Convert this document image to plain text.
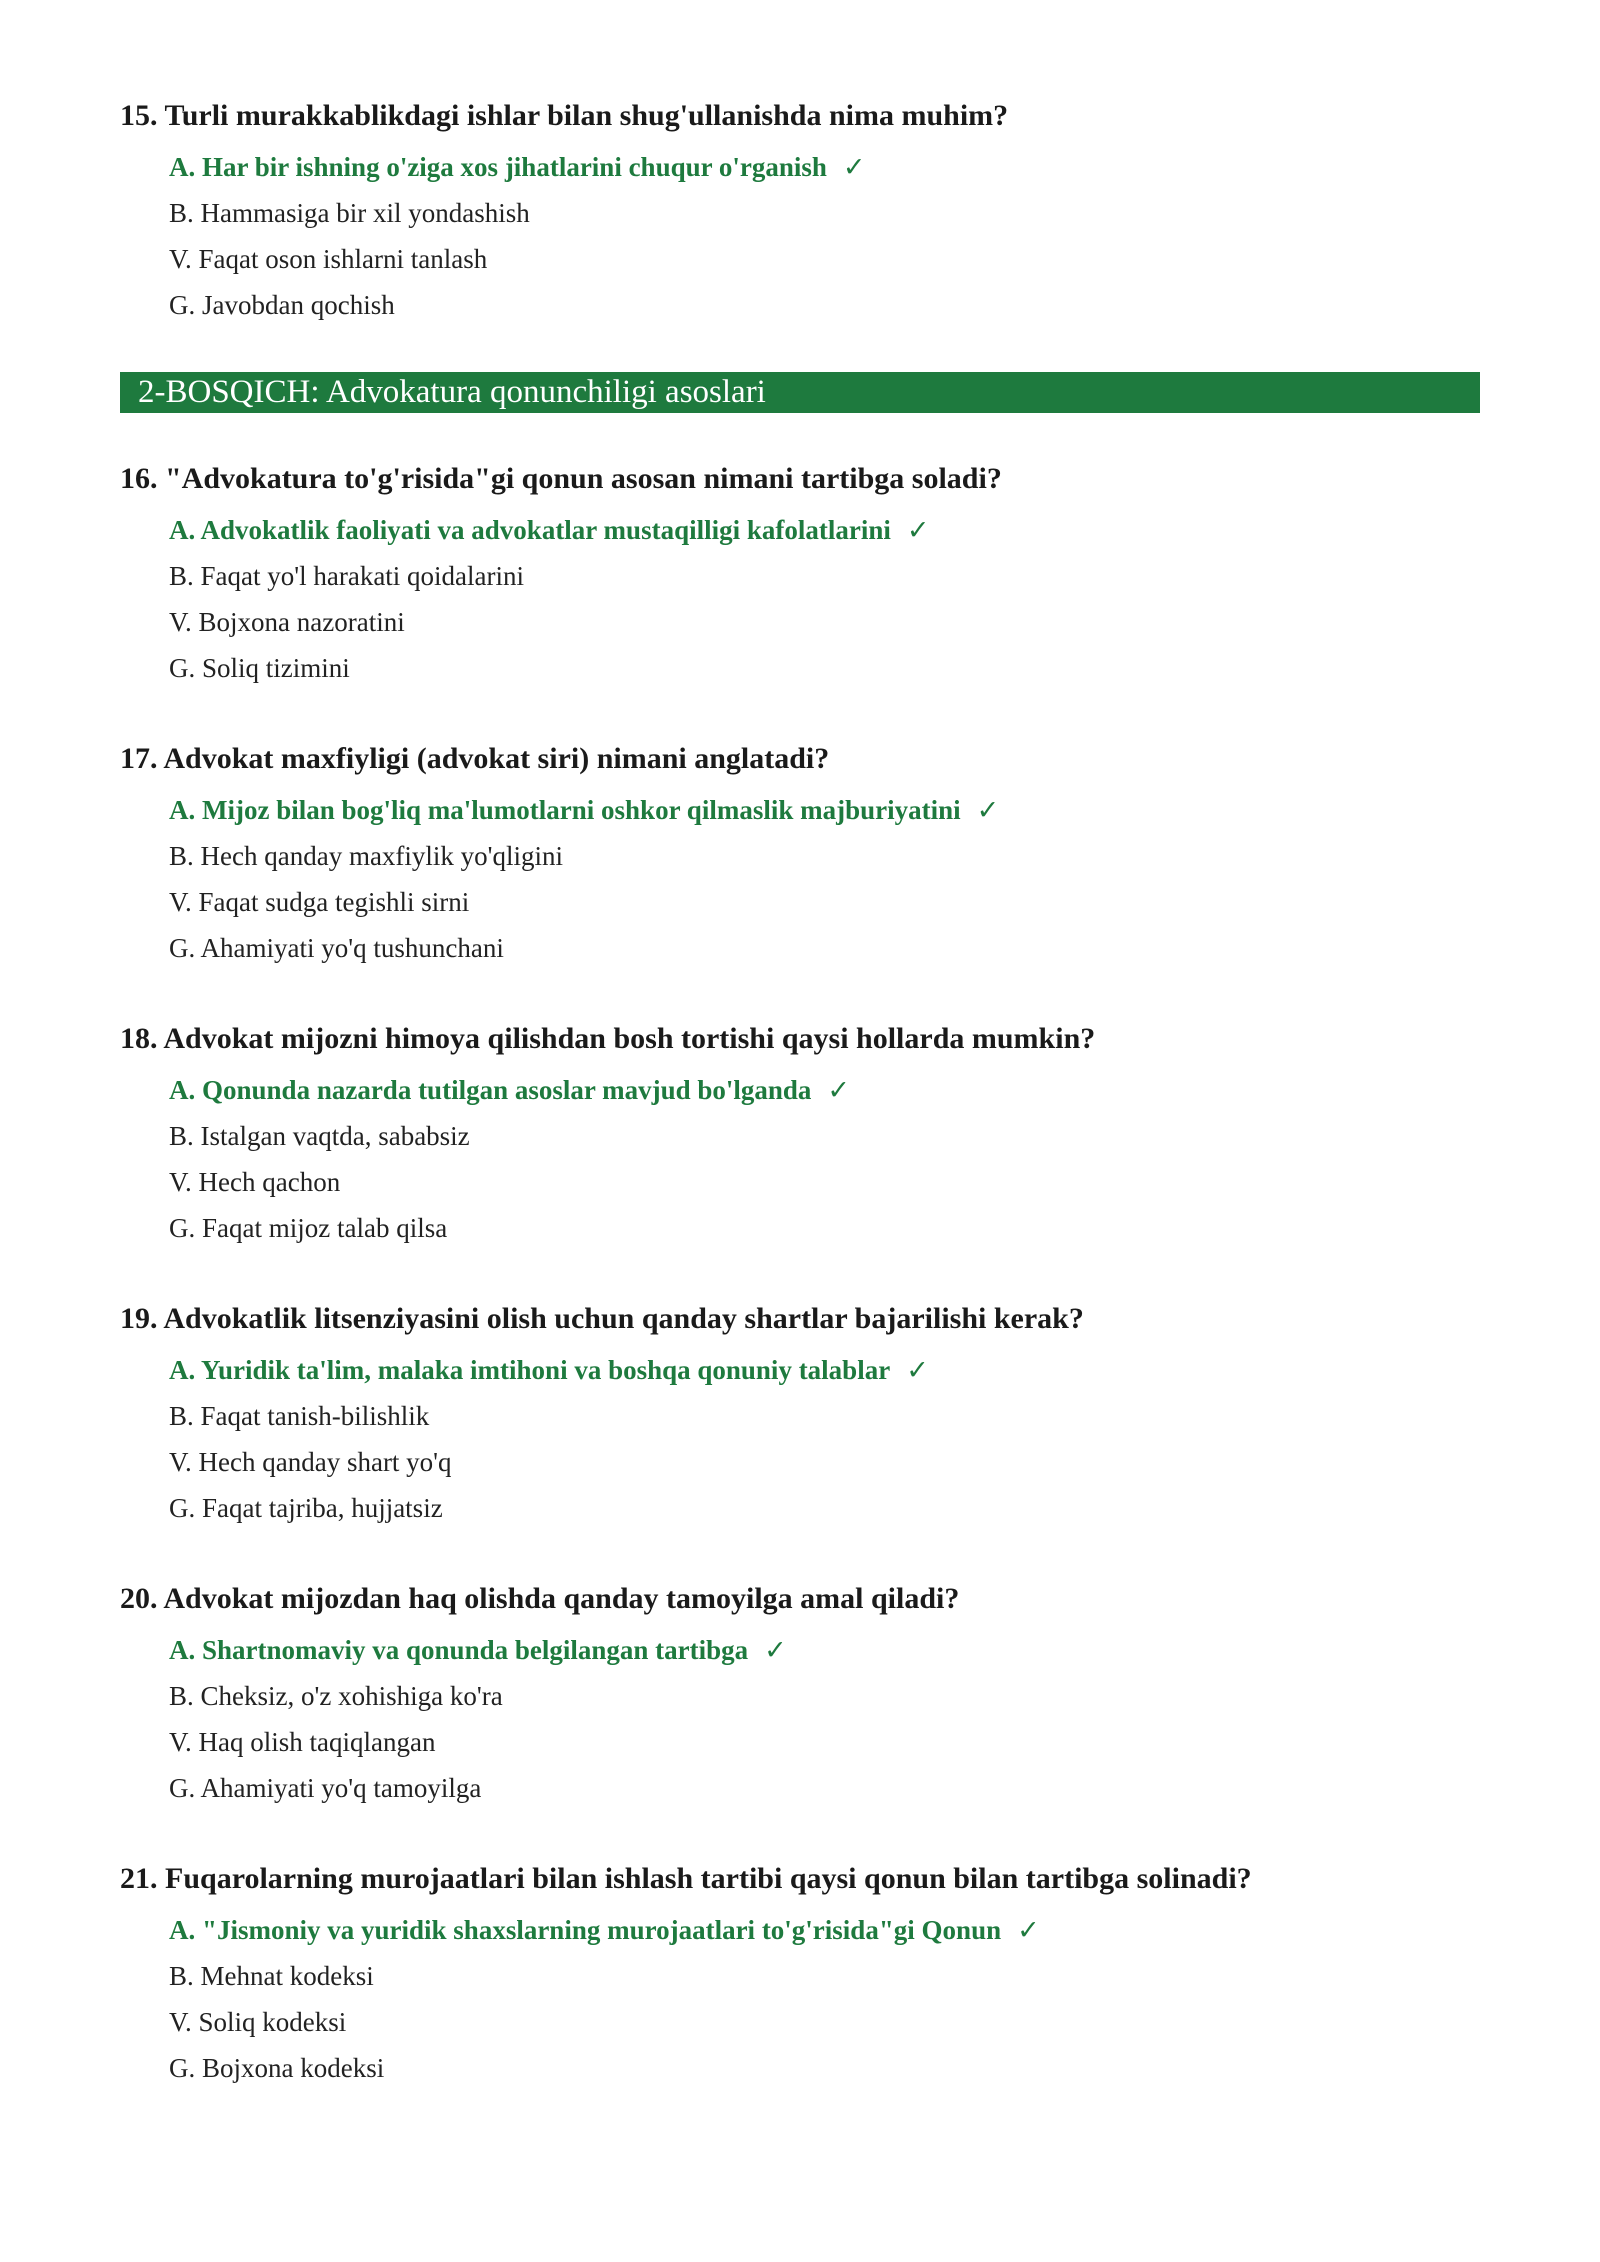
15. Turli murakkablikdagi ishlar bilan shug'ullanishda nima muhim?
A. Har bir ishning o'ziga xos jihatlarini chuqur o'rganish ✓
B. Hammasiga bir xil yondashish
V. Faqat oson ishlarni tanlash
G. Javobdan qochish
2-BOSQICH: Advokatura qonunchiligi asoslari
16. "Advokatura to'g'risida"gi qonun asosan nimani tartibga soladi?
A. Advokatlik faoliyati va advokatlar mustaqilligi kafolatlarini ✓
B. Faqat yo'l harakati qoidalarini
V. Bojxona nazoratini
G. Soliq tizimini
17. Advokat maxfiyligi (advokat siri) nimani anglatadi?
A. Mijoz bilan bog'liq ma'lumotlarni oshkor qilmaslik majburiyatini ✓
B. Hech qanday maxfiylik yo'qligini
V. Faqat sudga tegishli sirni
G. Ahamiyati yo'q tushunchani
18. Advokat mijozni himoya qilishdan bosh tortishi qaysi hollarda mumkin?
A. Qonunda nazarda tutilgan asoslar mavjud bo'lganda ✓
B. Istalgan vaqtda, sababsiz
V. Hech qachon
G. Faqat mijoz talab qilsa
19. Advokatlik litsenziyasini olish uchun qanday shartlar bajarilishi kerak?
A. Yuridik ta'lim, malaka imtihoni va boshqa qonuniy talablar ✓
B. Faqat tanish-bilishlik
V. Hech qanday shart yo'q
G. Faqat tajriba, hujjatsiz
20. Advokat mijozdan haq olishda qanday tamoyilga amal qiladi?
A. Shartnomaviy va qonunda belgilangan tartibga ✓
B. Cheksiz, o'z xohishiga ko'ra
V. Haq olish taqiqlangan
G. Ahamiyati yo'q tamoyilga
21. Fuqarolarning murojaatlari bilan ishlash tartibi qaysi qonun bilan tartibga solinadi?
A. "Jismoniy va yuridik shaxslarning murojaatlari to'g'risida"gi Qonun ✓
B. Mehnat kodeksi
V. Soliq kodeksi
G. Bojxona kodeksi
